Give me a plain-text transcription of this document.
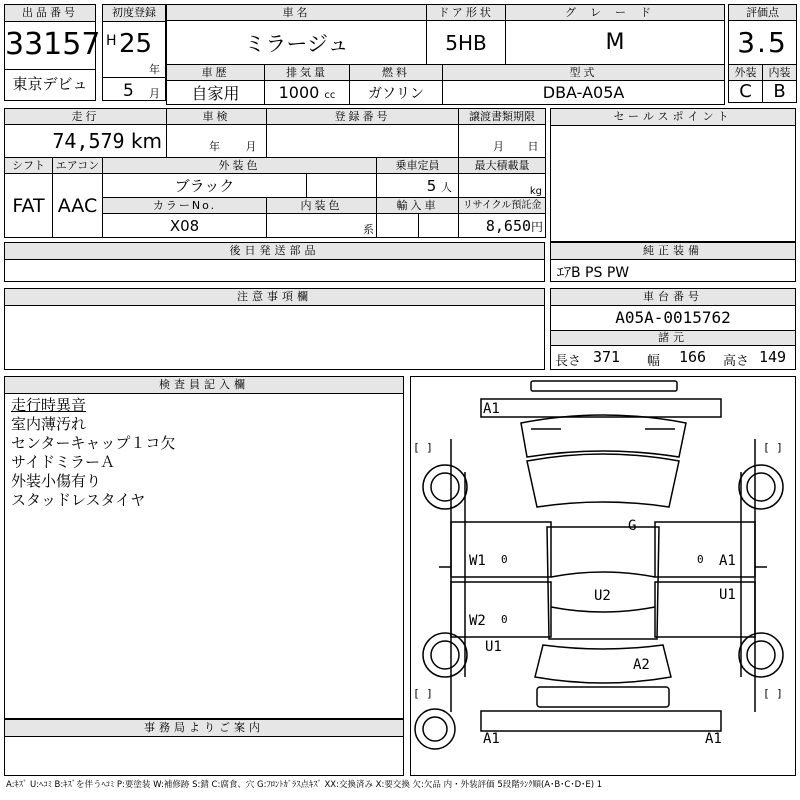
出品番号
33157
東京デビュ
初度登録
H 25
年
5 月
車名			ドア形状		グレード
ミラージュ			5HB		M
車歴	排気量	燃料		型式	
自家用	1000 cc	ガソリン		DBA-A05A	
評価点	
3.5	
外装	内装
C	B
走行			車検	登録番号				譲渡書類期限
74,579 km			年 月					月 日
シフト	エアコン	外装色				乗車定員		最大積載量
FAT	AAC	ブラック				5 人		kg
		カラーNo.		内装色		輸入車		リサイクル預託金
		X08		系				8,650円
後日発送部品
セールスポイント
純正装備
ｴｱB PS PW
注意事項欄	車台番号
A05A-0015762
諸元
長さ 371 幅 166 高さ 149
検査員記入欄
走行時異音
室内薄汚れ
センターキャップ１コ欠
サイドミラーＡ
外装小傷有り
スタッドレスタイヤ
事務局よりご案内
A1
G
W1	A1
U2	U1
W2
U1
A2
A1	A1
0	0
0
[ ]	[ ]
[ ]	[ ]
A:ｷｽﾞ U:ﾍｺﾐ B:ｷｽﾞを伴うﾍｺﾐ P:要塗装 W:補修跡 S:錆 C:腐食、穴 G:ﾌﾛﾝﾄｶﾞﾗｽ点ｷｽﾞ XX:交換済み X:要交換 欠:欠品 内・外装評価 5段階ﾗﾝｸ順(A･B･C･D･E) 1
